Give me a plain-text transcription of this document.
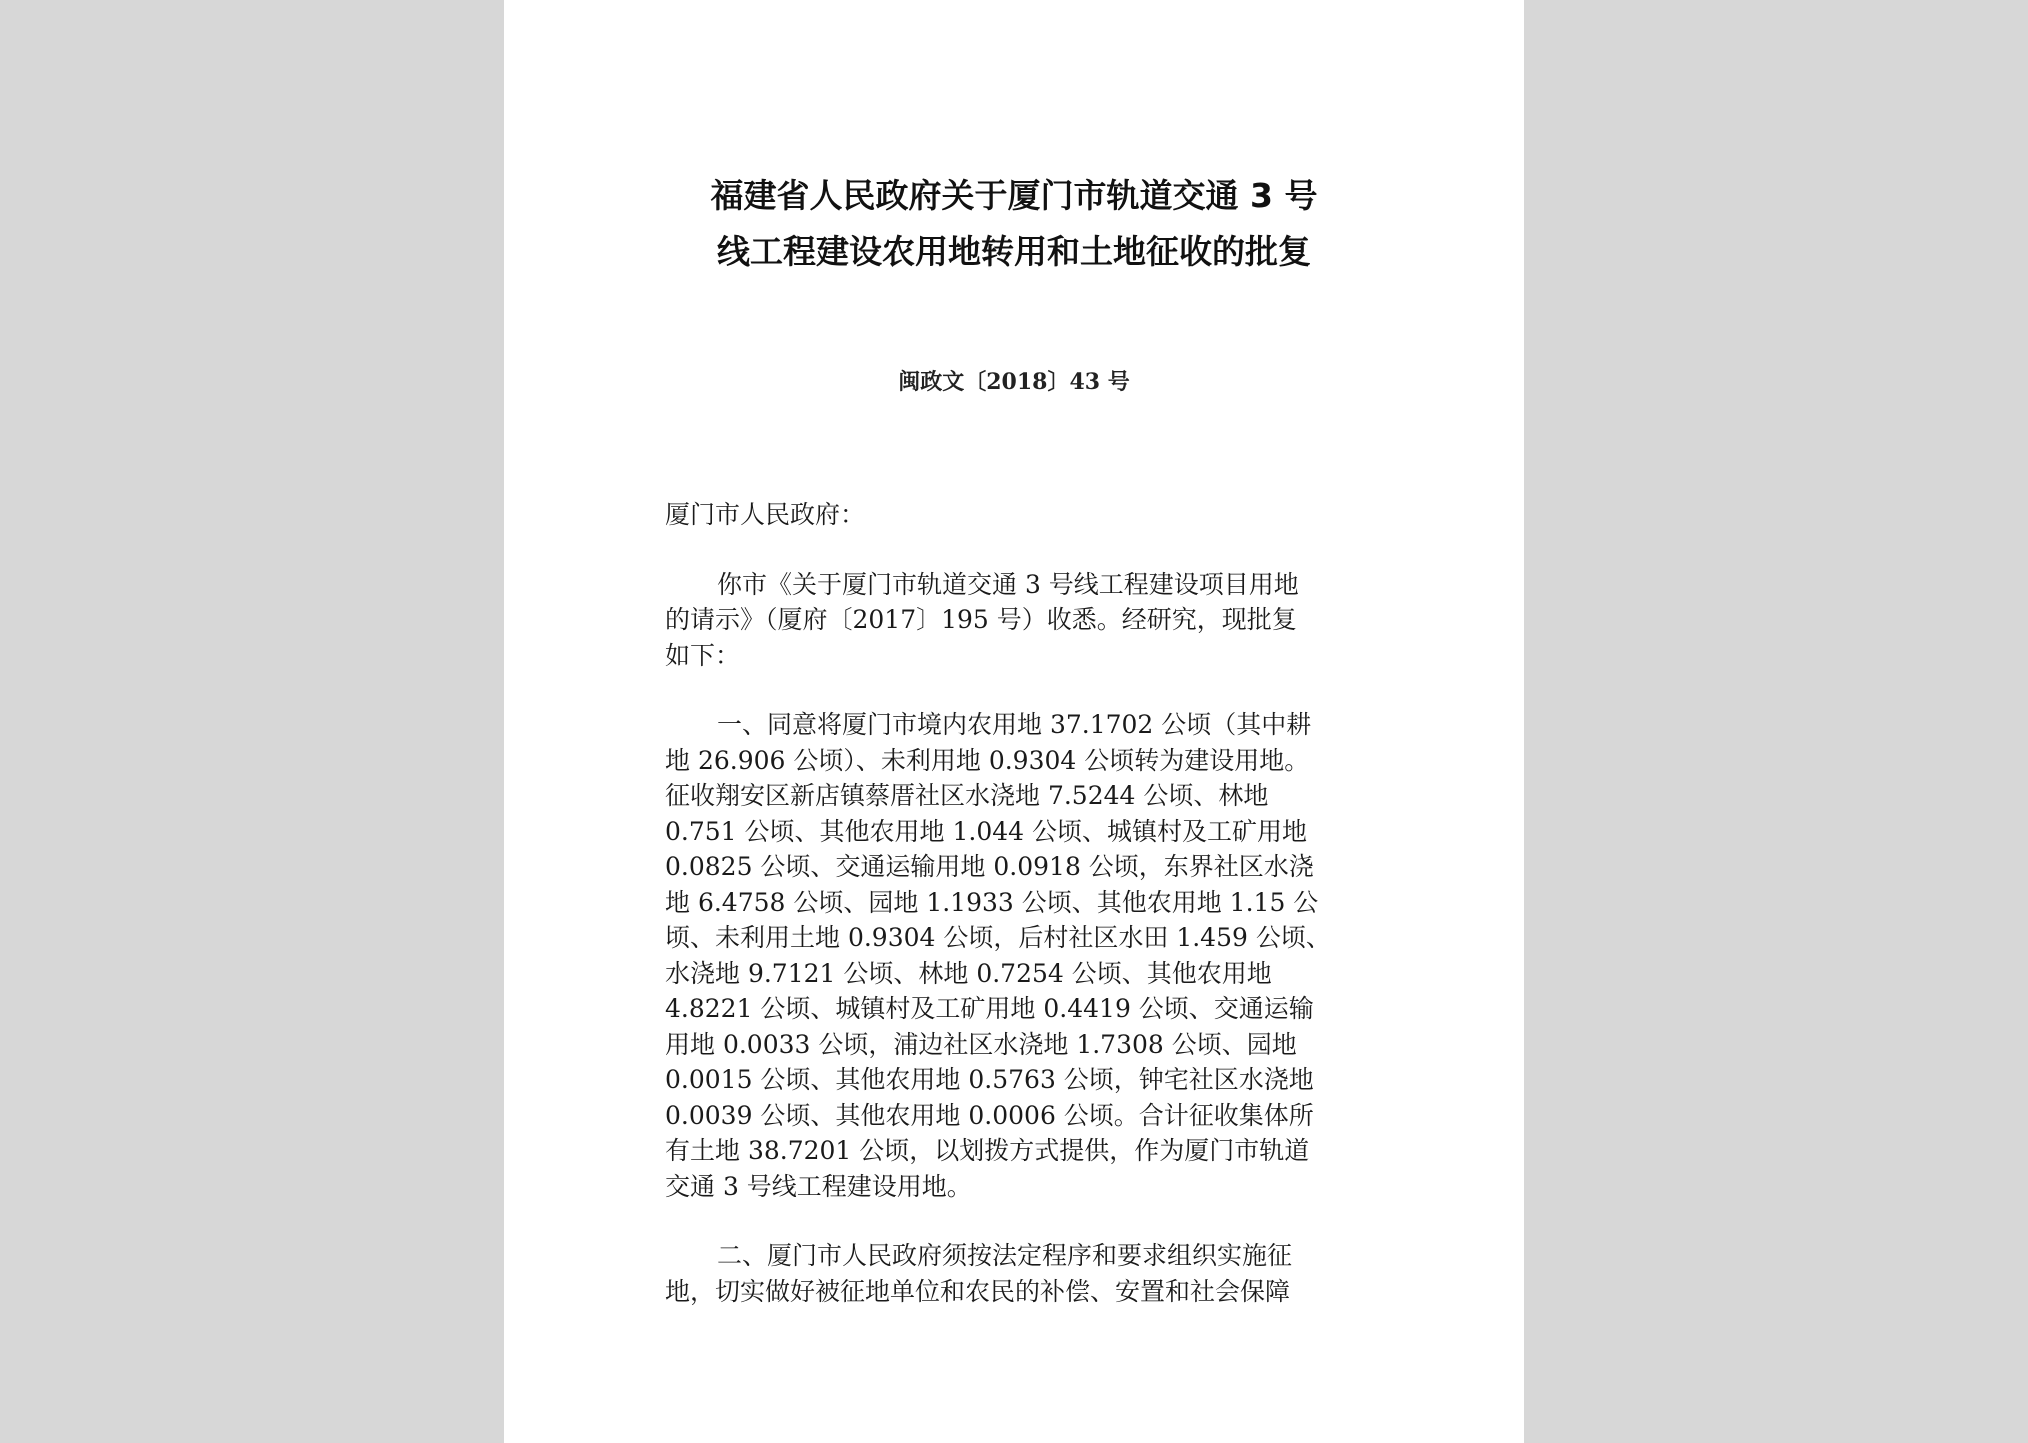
福建省人民政府关于厦门市轨道交通 3 号
线工程建设农用地转用和土地征收的批复
闽政文〔2018〕43 号
厦门市人民政府：
你市《关于厦门市轨道交通 3 号线工程建设项目用地
的请示》（厦府〔2017〕195 号）收悉。经研究，现批复
如下：
一、同意将厦门市境内农用地 37.1702 公顷（其中耕
地 26.906 公顷）、未利用地 0.9304 公顷转为建设用地。
征收翔安区新店镇蔡厝社区水浇地 7.5244 公顷、林地
0.751 公顷、其他农用地 1.044 公顷、城镇村及工矿用地
0.0825 公顷、交通运输用地 0.0918 公顷，东界社区水浇
地 6.4758 公顷、园地 1.1933 公顷、其他农用地 1.15 公
顷、未利用土地 0.9304 公顷，后村社区水田 1.459 公顷、
水浇地 9.7121 公顷、林地 0.7254 公顷、其他农用地
4.8221 公顷、城镇村及工矿用地 0.4419 公顷、交通运输
用地 0.0033 公顷，浦边社区水浇地 1.7308 公顷、园地
0.0015 公顷、其他农用地 0.5763 公顷，钟宅社区水浇地
0.0039 公顷、其他农用地 0.0006 公顷。合计征收集体所
有土地 38.7201 公顷，以划拨方式提供，作为厦门市轨道
交通 3 号线工程建设用地。
二、厦门市人民政府须按法定程序和要求组织实施征
地，切实做好被征地单位和农民的补偿、安置和社会保障
